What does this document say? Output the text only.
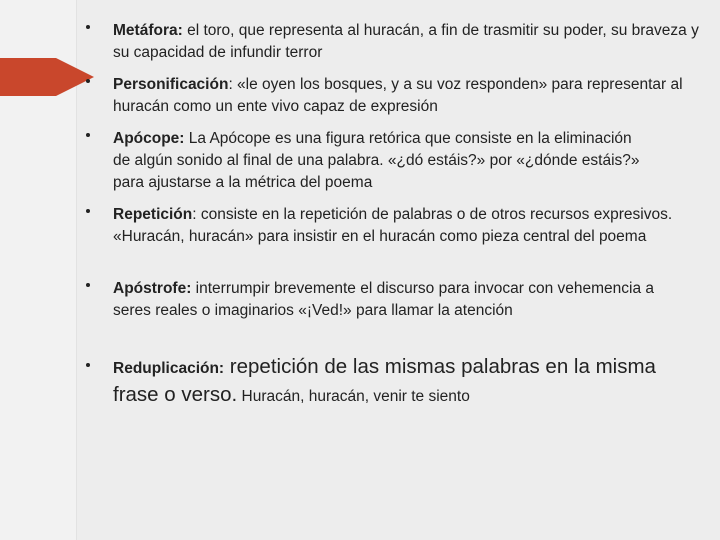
Metáfora: el toro, que representa al huracán, a fin de trasmitir su poder, su braveza y su capacidad de infundir terror
Personificación: «le oyen los bosques, y a su voz responden» para representar al huracán como un ente vivo capaz de expresión
Apócope: La Apócope es una figura retórica que consiste en la eliminación de algún sonido al final de una palabra. «¿dó estáis?» por «¿dónde estáis?» para ajustarse a la métrica del poema
Repetición: consiste en la repetición de palabras o de otros recursos expresivos. «Huracán, huracán» para insistir en el huracán como pieza central del poema
Apóstrofe: interrumpir brevemente el discurso para invocar con vehemencia a seres reales o imaginarios «¡Ved!» para llamar la atención
Reduplicación: repetición de las mismas palabras en la misma frase o verso. Huracán, huracán, venir te siento
